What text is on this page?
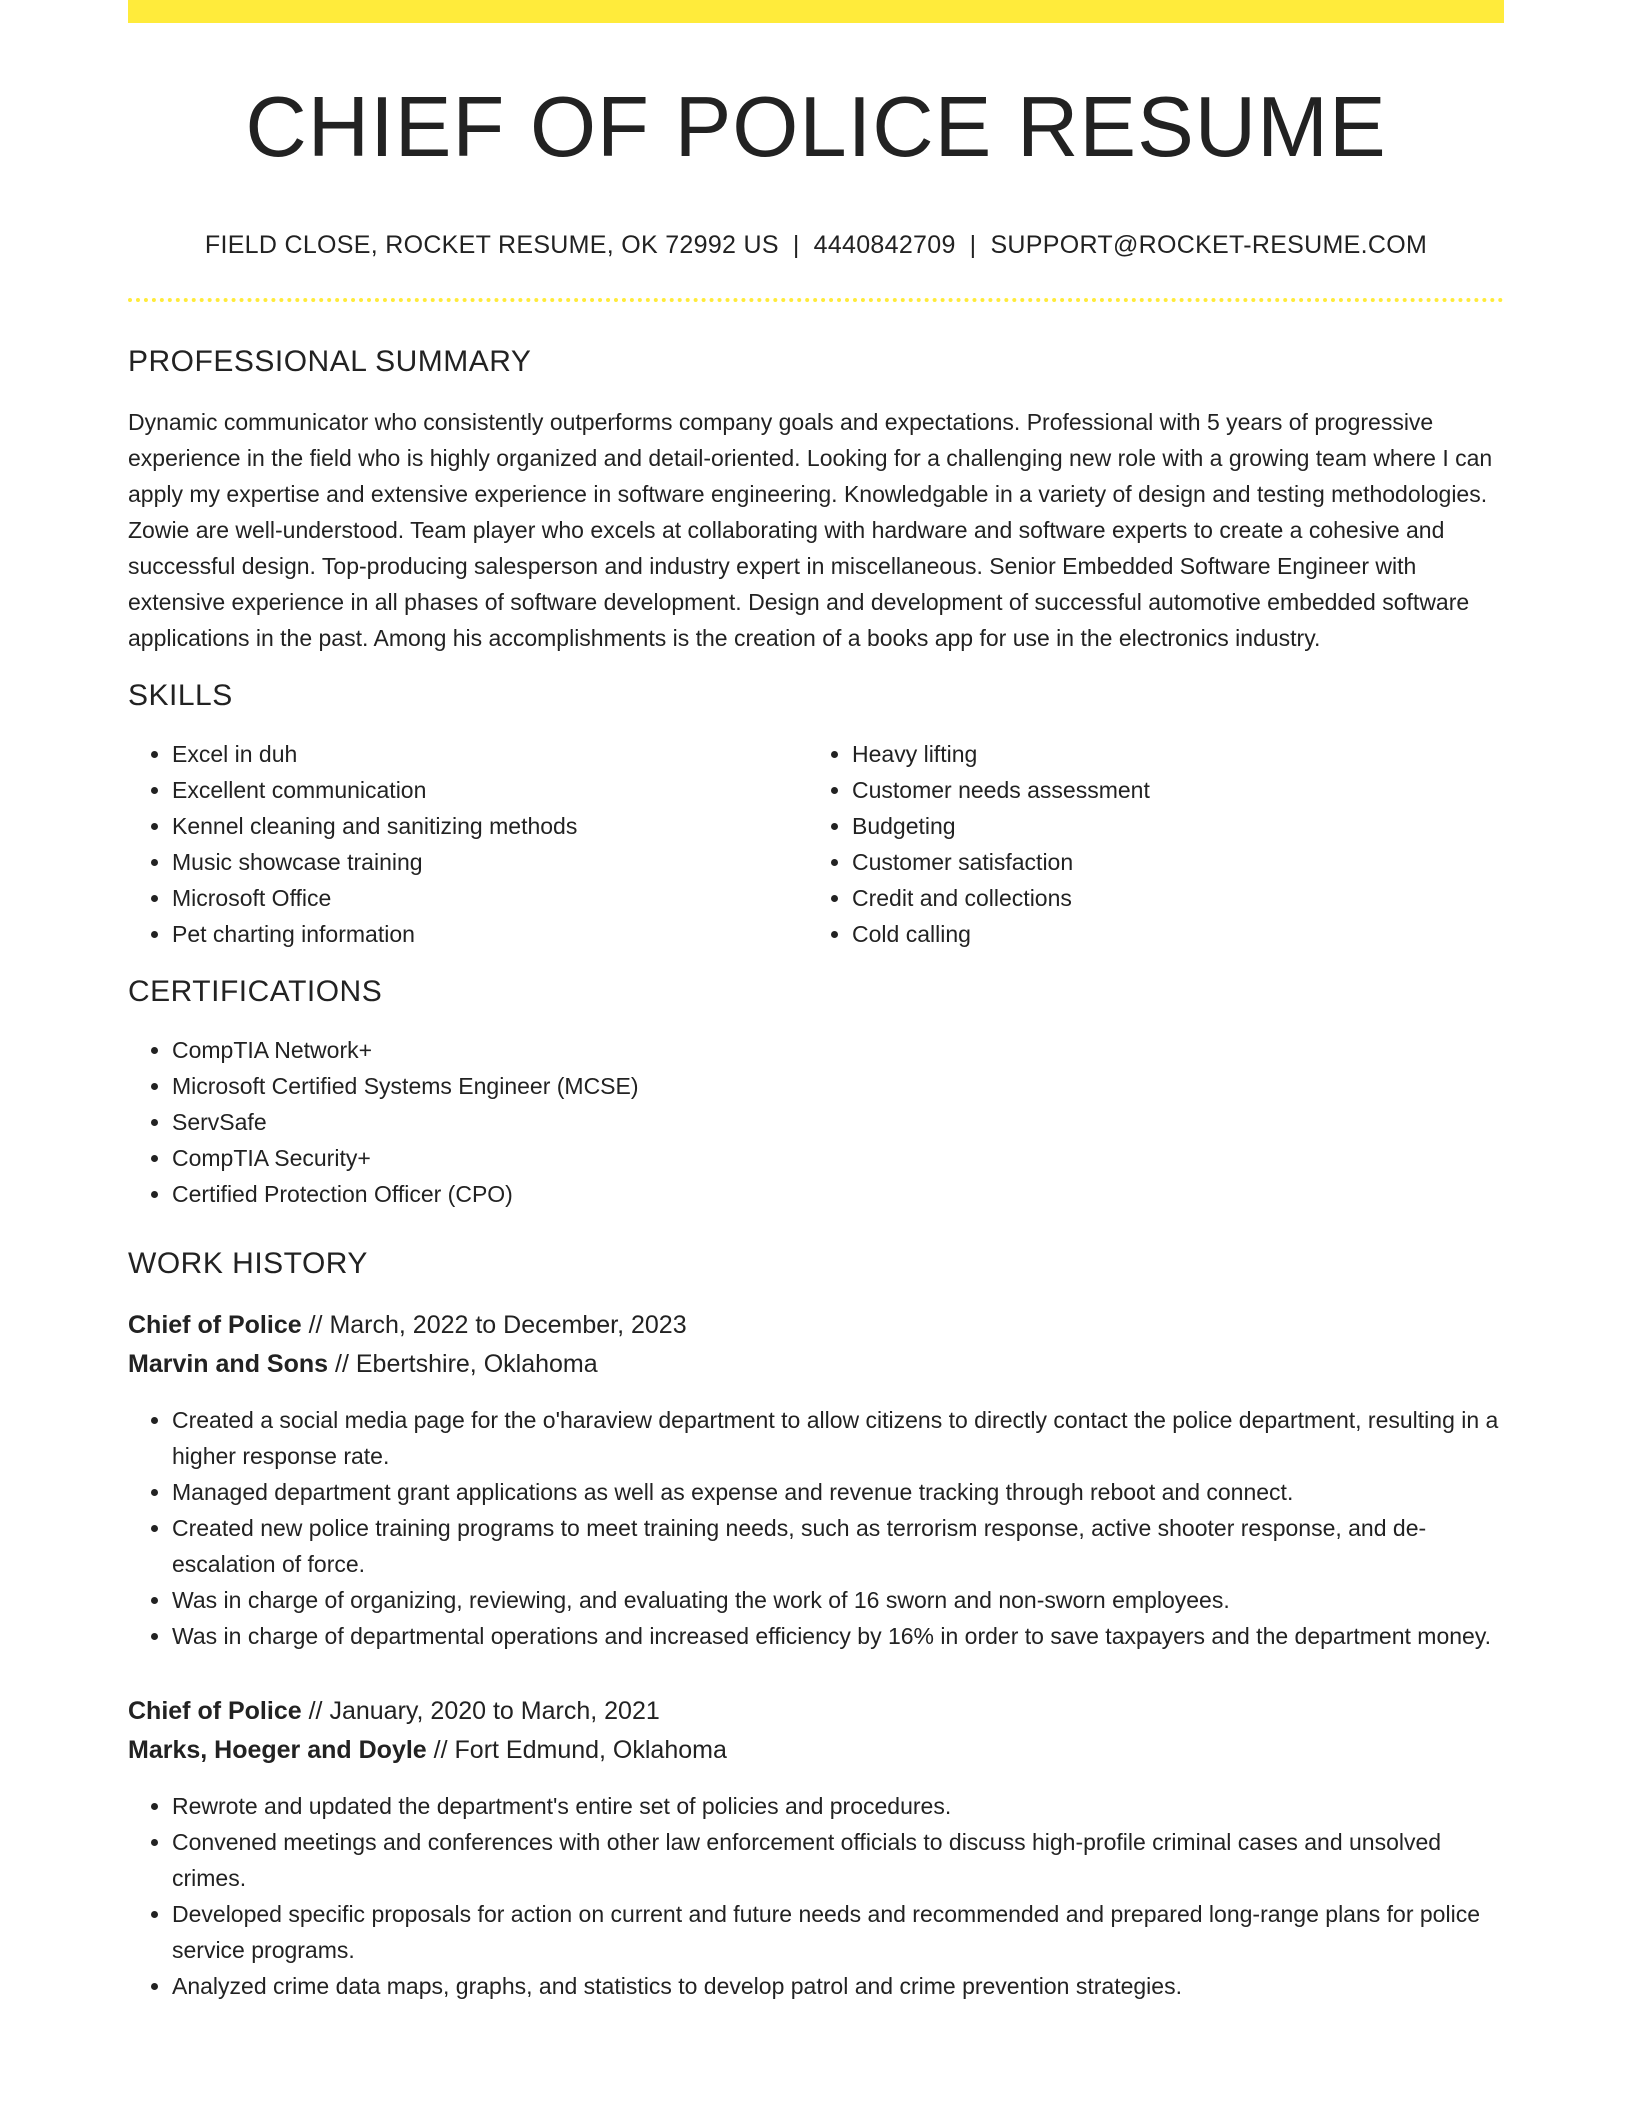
CHIEF OF POLICE RESUME
FIELD CLOSE, ROCKET RESUME, OK 72992 US | 4440842709 | SUPPORT@ROCKET-RESUME.COM
PROFESSIONAL SUMMARY
Dynamic communicator who consistently outperforms company goals and expectations. Professional with 5 years of progressive experience in the field who is highly organized and detail-oriented. Looking for a challenging new role with a growing team where I can apply my expertise and extensive experience in software engineering. Knowledgable in a variety of design and testing methodologies. Zowie are well-understood. Team player who excels at collaborating with hardware and software experts to create a cohesive and successful design. Top-producing salesperson and industry expert in miscellaneous. Senior Embedded Software Engineer with extensive experience in all phases of software development. Design and development of successful automotive embedded software applications in the past. Among his accomplishments is the creation of a books app for use in the electronics industry.
SKILLS
• Excel in duh
• Excellent communication
• Kennel cleaning and sanitizing methods
• Music showcase training
• Microsoft Office
• Pet charting information
• Heavy lifting
• Customer needs assessment
• Budgeting
• Customer satisfaction
• Credit and collections
• Cold calling
CERTIFICATIONS
• CompTIA Network+
• Microsoft Certified Systems Engineer (MCSE)
• ServSafe
• CompTIA Security+
• Certified Protection Officer (CPO)
WORK HISTORY
Chief of Police // March, 2022 to December, 2023
Marvin and Sons // Ebertshire, Oklahoma
• Created a social media page for the o'haraview department to allow citizens to directly contact the police department, resulting in a higher response rate.
• Managed department grant applications as well as expense and revenue tracking through reboot and connect.
• Created new police training programs to meet training needs, such as terrorism response, active shooter response, and de-escalation of force.
• Was in charge of organizing, reviewing, and evaluating the work of 16 sworn and non-sworn employees.
• Was in charge of departmental operations and increased efficiency by 16% in order to save taxpayers and the department money.
Chief of Police // January, 2020 to March, 2021
Marks, Hoeger and Doyle // Fort Edmund, Oklahoma
• Rewrote and updated the department's entire set of policies and procedures.
• Convened meetings and conferences with other law enforcement officials to discuss high-profile criminal cases and unsolved crimes.
• Developed specific proposals for action on current and future needs and recommended and prepared long-range plans for police service programs.
• Analyzed crime data maps, graphs, and statistics to develop patrol and crime prevention strategies.
